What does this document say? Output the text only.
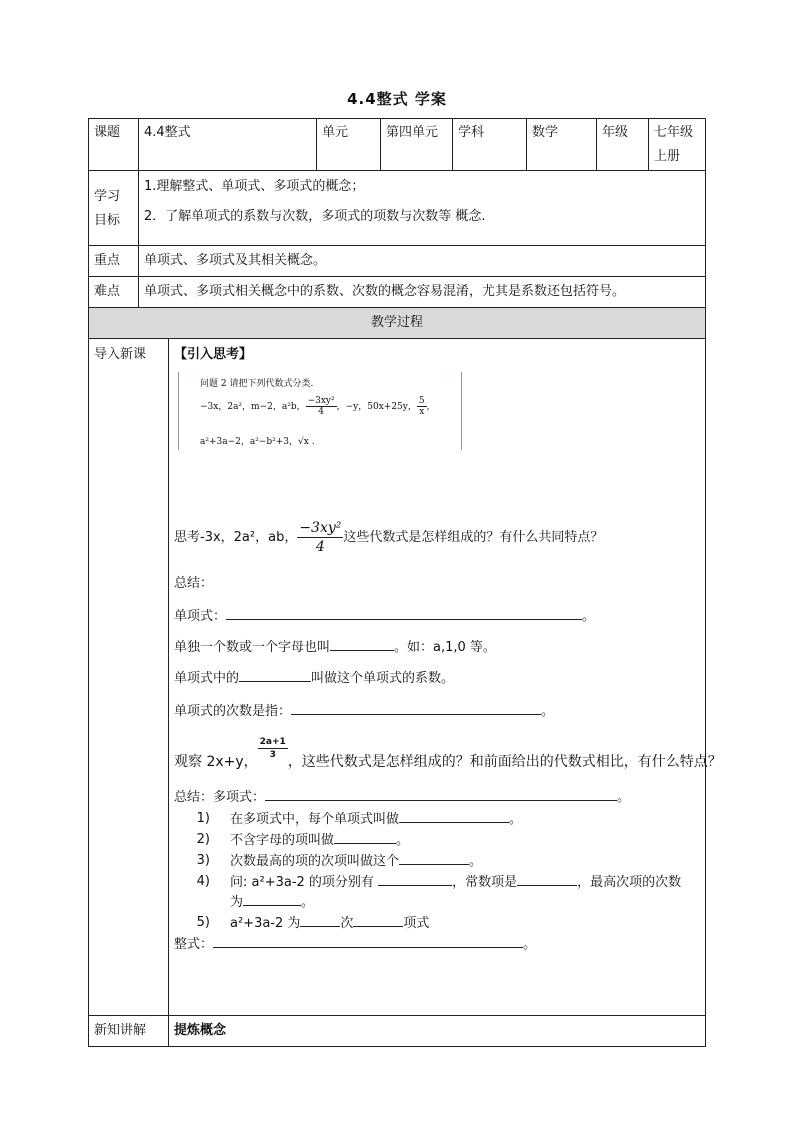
4.4整式 学案
课题 4.4整式	单元	第四单元 学科	数学	年级 七年级
上册
学习
目标
1.理解整式、单项式、多项式的概念；
2．了解单项式的系数与次数，多项式的项数与次数等 概念.
重点 单项式、多项式及其相关概念。
难点 单项式、多项式相关概念中的系数、次数的概念容易混淆，尤其是系数还包括符号。
教学过程
导入新课 【引入思考】
问题 2 请把下列代数式分类.
−3x，2a²，m−2，a²b， $\frac{\text{−3xy²}}{4}$ ，−y，50x+25y， $\frac{5}{x}$ ,
a²+3a−2，a²−b²+3，√x .
思考-3x，2a²，ab， $\frac{\text{−3xy²}}{4}$ 这些代数式是怎样组成的？有什么共同特点？
总结：
单项式：	。
单独一个数或一个字母也叫	。如：a,1,0 等。
单项式中的	叫做这个单项式的系数。
单项式的次数是指：	。
观察 2x+y，
$\frac{2a+1}{3}$
，这些代数式是怎样组成的？和前面给出的代数式相比，有什么特点？
总结：多项式：	。
1) 在多项式中，每个单项式叫做	。
2) 不含字母的项叫做	。
3) 次数最高的项的次项叫做这个	。
4) 问: a²+3a-2 的项分别有	，常数项是	，最高次项的次数
为	。
5) a²+3a-2 为	次	项式
整式：	。
新知讲解 提炼概念
